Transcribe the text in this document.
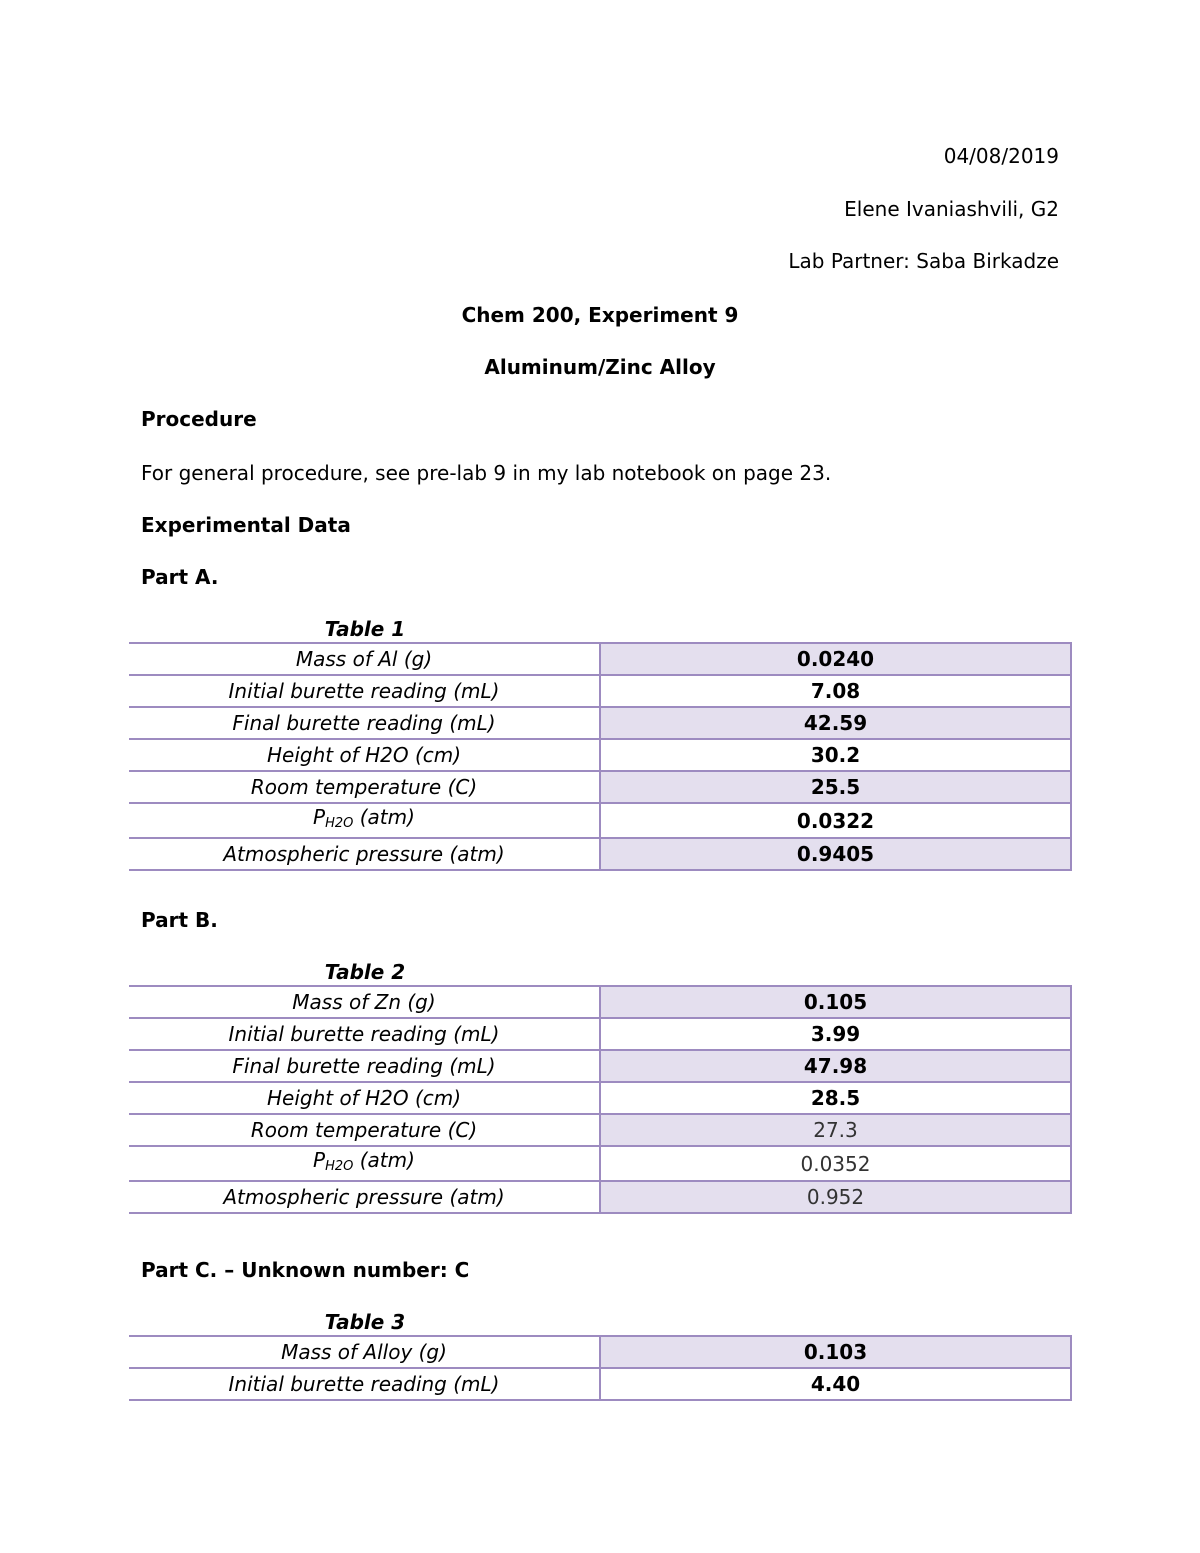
04/08/2019
Elene Ivaniashvili, G2
Lab Partner: Saba Birkadze
Chem 200, Experiment 9
Aluminum/Zinc Alloy
Procedure
For general procedure, see pre-lab 9 in my lab notebook on page 23.
Experimental Data
Part A.
Table 1
Mass of Al (g)	0.0240
Initial burette reading (mL)	7.08
Final burette reading (mL)	42.59
Height of H2O (cm)	30.2
Room temperature (C)	25.5
$P_{H2O}$ (atm)	0.0322
Atmospheric pressure (atm)	0.9405
Part B.
Table 2
Mass of Zn (g)	0.105
Initial burette reading (mL)	3.99
Final burette reading (mL)	47.98
Height of H2O (cm)	28.5
Room temperature (C)	27.3
$P_{H2O}$ (atm)	0.0352
Atmospheric pressure (atm)	0.952
Part C. – Unknown number: C
Table 3
Mass of Alloy (g)	0.103
Initial burette reading (mL)	4.40
